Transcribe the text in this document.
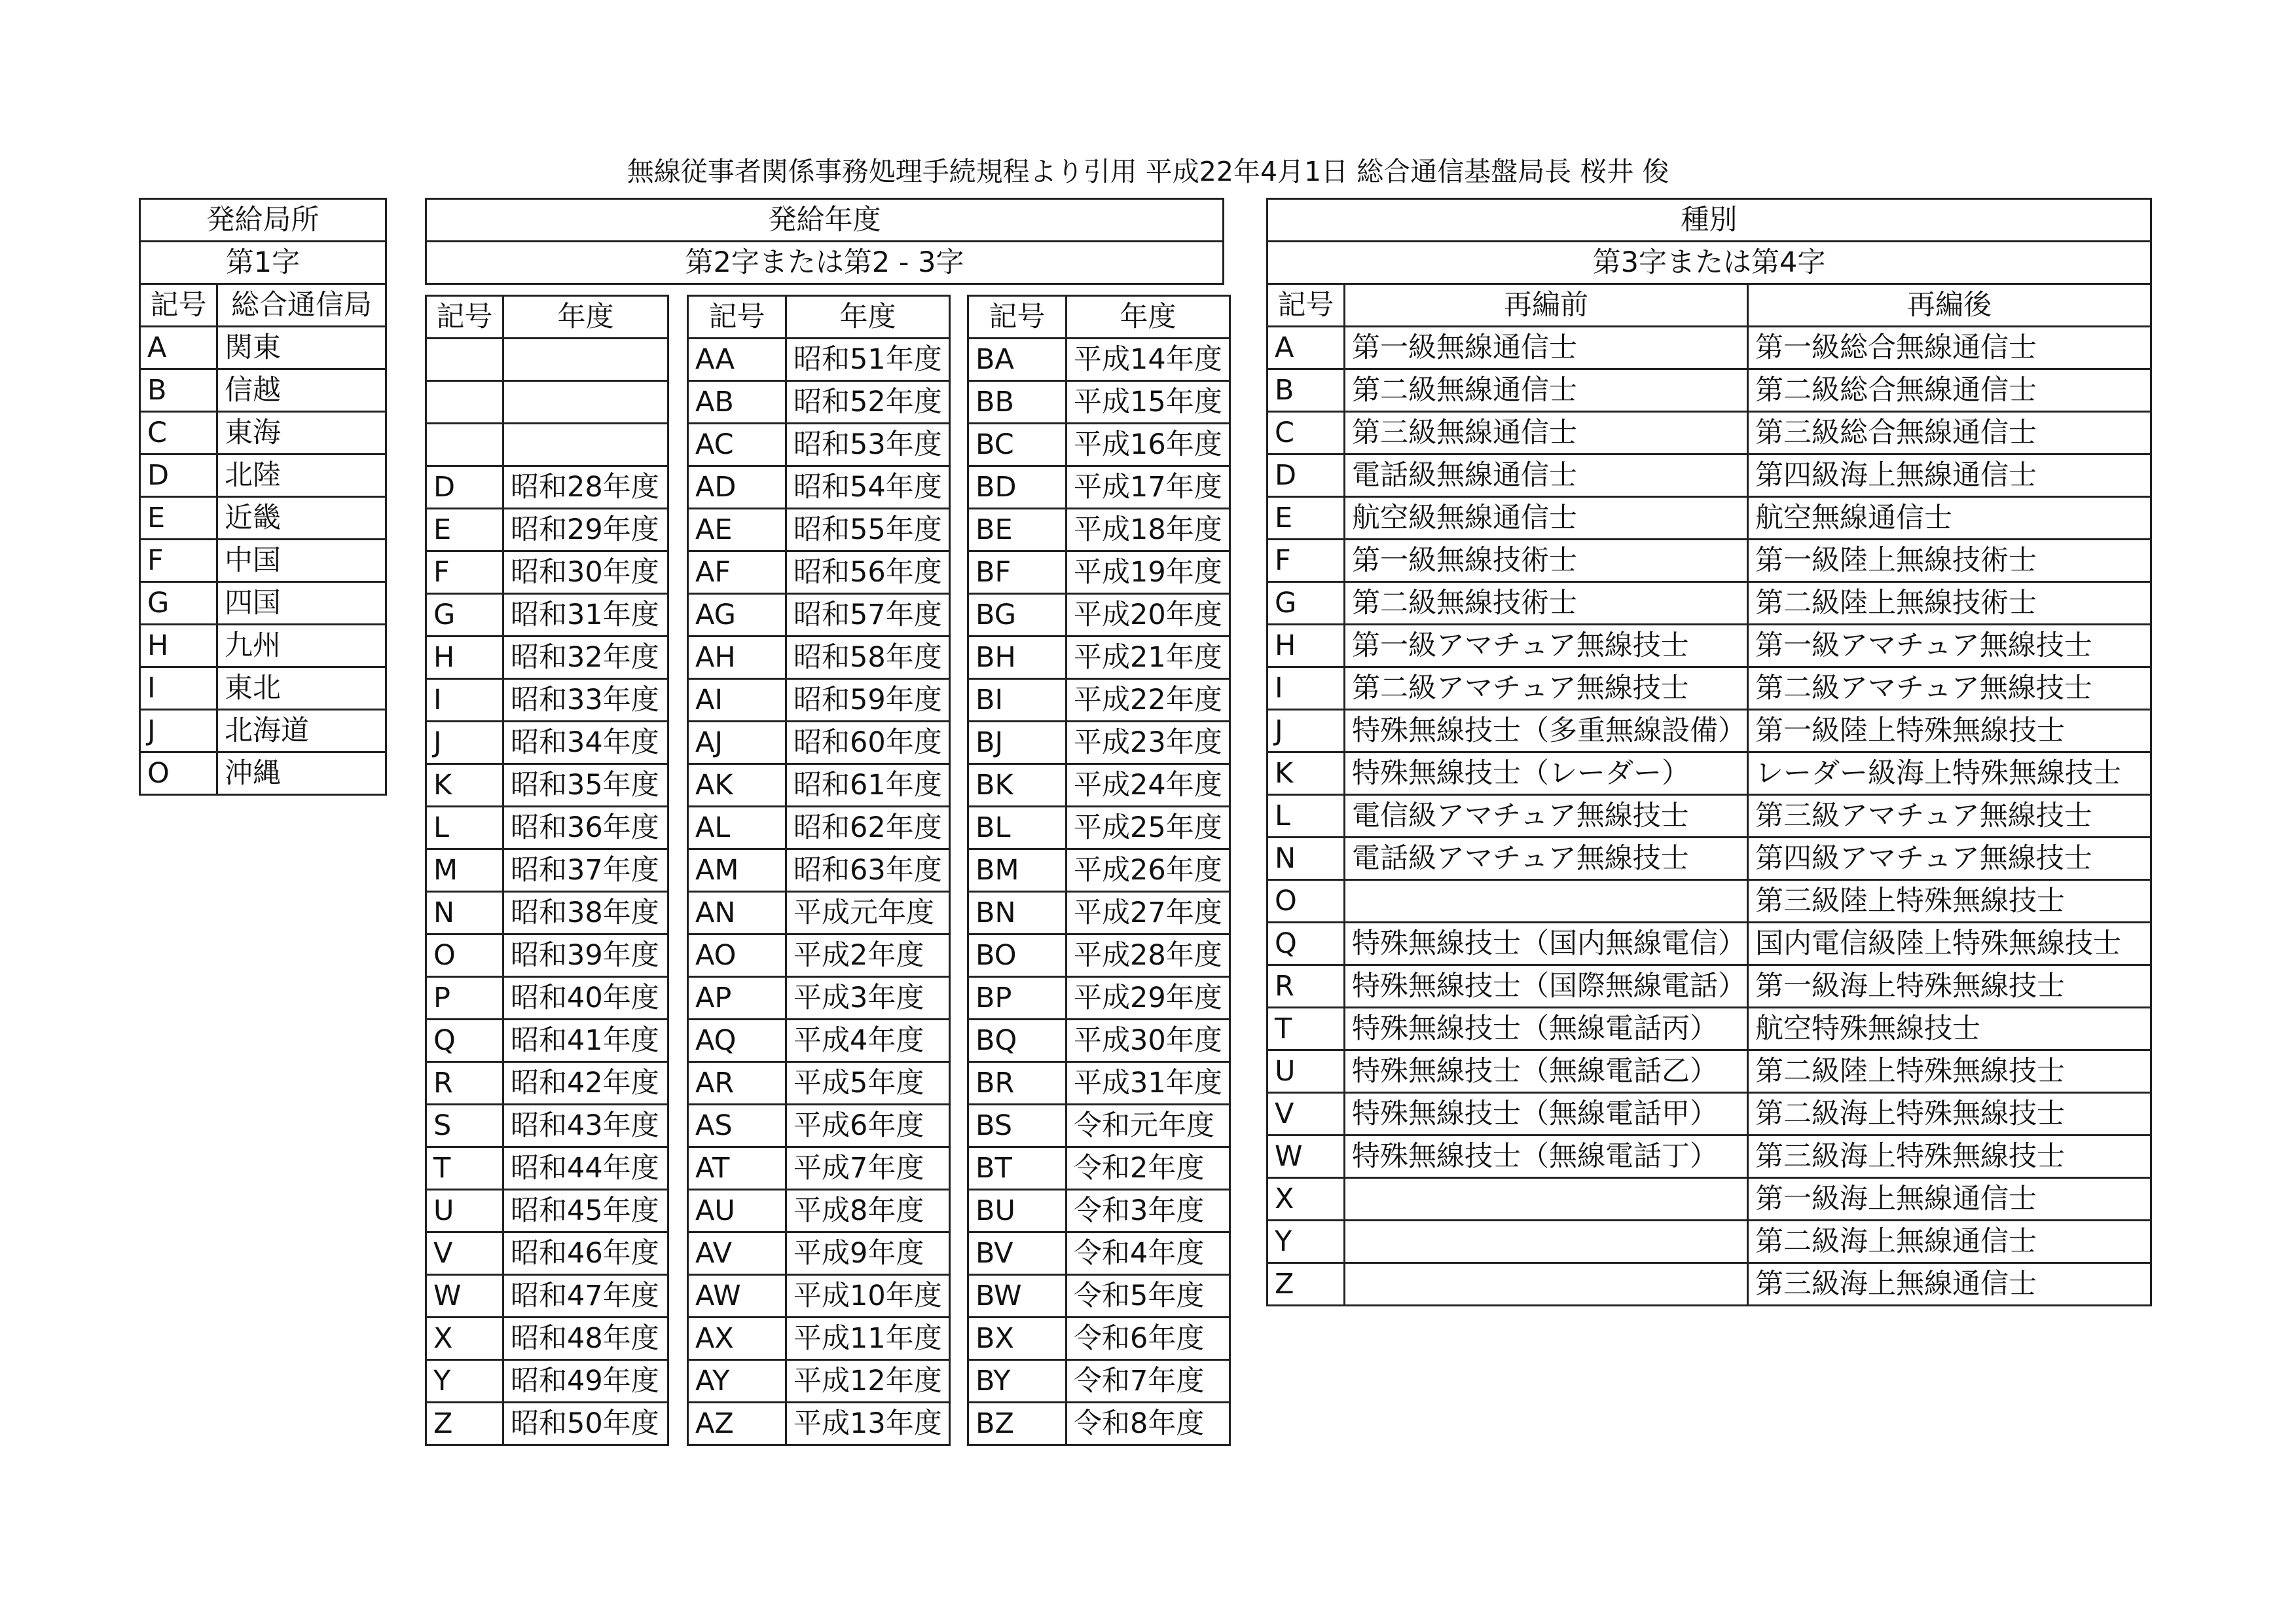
無線従事者関係事務処理手続規程より引用 平成22年4月1日 総合通信基盤局長 桜井 俊
発給局所	
第1字	
記号	総合通信局
A	関東
B	信越
C	東海
D	北陸
E	近畿
F	中国
G	四国
H	九州
I	東北
J	北海道
O	沖縄
発給年度
第2字または第2 - 3字
記号	年度

D	昭和28年度
E	昭和29年度
F	昭和30年度
G	昭和31年度
H	昭和32年度
I	昭和33年度
J	昭和34年度
K	昭和35年度
L	昭和36年度
M	昭和37年度
N	昭和38年度
O	昭和39年度
P	昭和40年度
Q	昭和41年度
R	昭和42年度
S	昭和43年度
T	昭和44年度
U	昭和45年度
V	昭和46年度
W	昭和47年度
X	昭和48年度
Y	昭和49年度
Z	昭和50年度
記号	年度
AA	昭和51年度
AB	昭和52年度
AC	昭和53年度
AD	昭和54年度
AE	昭和55年度
AF	昭和56年度
AG	昭和57年度
AH	昭和58年度
AI	昭和59年度
AJ	昭和60年度
AK	昭和61年度
AL	昭和62年度
AM	昭和63年度
AN	平成元年度
AO	平成2年度
AP	平成3年度
AQ	平成4年度
AR	平成5年度
AS	平成6年度
AT	平成7年度
AU	平成8年度
AV	平成9年度
AW	平成10年度
AX	平成11年度
AY	平成12年度
AZ	平成13年度
記号	年度
BA	平成14年度
BB	平成15年度
BC	平成16年度
BD	平成17年度
BE	平成18年度
BF	平成19年度
BG	平成20年度
BH	平成21年度
BI	平成22年度
BJ	平成23年度
BK	平成24年度
BL	平成25年度
BM	平成26年度
BN	平成27年度
BO	平成28年度
BP	平成29年度
BQ	平成30年度
BR	平成31年度
BS	令和元年度
BT	令和2年度
BU	令和3年度
BV	令和4年度
BW	令和5年度
BX	令和6年度
BY	令和7年度
BZ	令和8年度
種別		
第3字または第4字		
記号	再編前	再編後
A	第一級無線通信士	第一級総合無線通信士
B	第二級無線通信士	第二級総合無線通信士
C	第三級無線通信士	第三級総合無線通信士
D	電話級無線通信士	第四級海上無線通信士
E	航空級無線通信士	航空無線通信士
F	第一級無線技術士	第一級陸上無線技術士
G	第二級無線技術士	第二級陸上無線技術士
H	第一級アマチュア無線技士	第一級アマチュア無線技士
I	第二級アマチュア無線技士	第二級アマチュア無線技士
J	特殊無線技士（多重無線設備）	第一級陸上特殊無線技士
K	特殊無線技士（レーダー）	レーダー級海上特殊無線技士
L	電信級アマチュア無線技士	第三級アマチュア無線技士
N	電話級アマチュア無線技士	第四級アマチュア無線技士
O		第三級陸上特殊無線技士
Q	特殊無線技士（国内無線電信）	国内電信級陸上特殊無線技士
R	特殊無線技士（国際無線電話）	第一級海上特殊無線技士
T	特殊無線技士（無線電話丙）	航空特殊無線技士
U	特殊無線技士（無線電話乙）	第二級陸上特殊無線技士
V	特殊無線技士（無線電話甲）	第二級海上特殊無線技士
W	特殊無線技士（無線電話丁）	第三級海上特殊無線技士
X		第一級海上無線通信士
Y		第二級海上無線通信士
Z		第三級海上無線通信士
